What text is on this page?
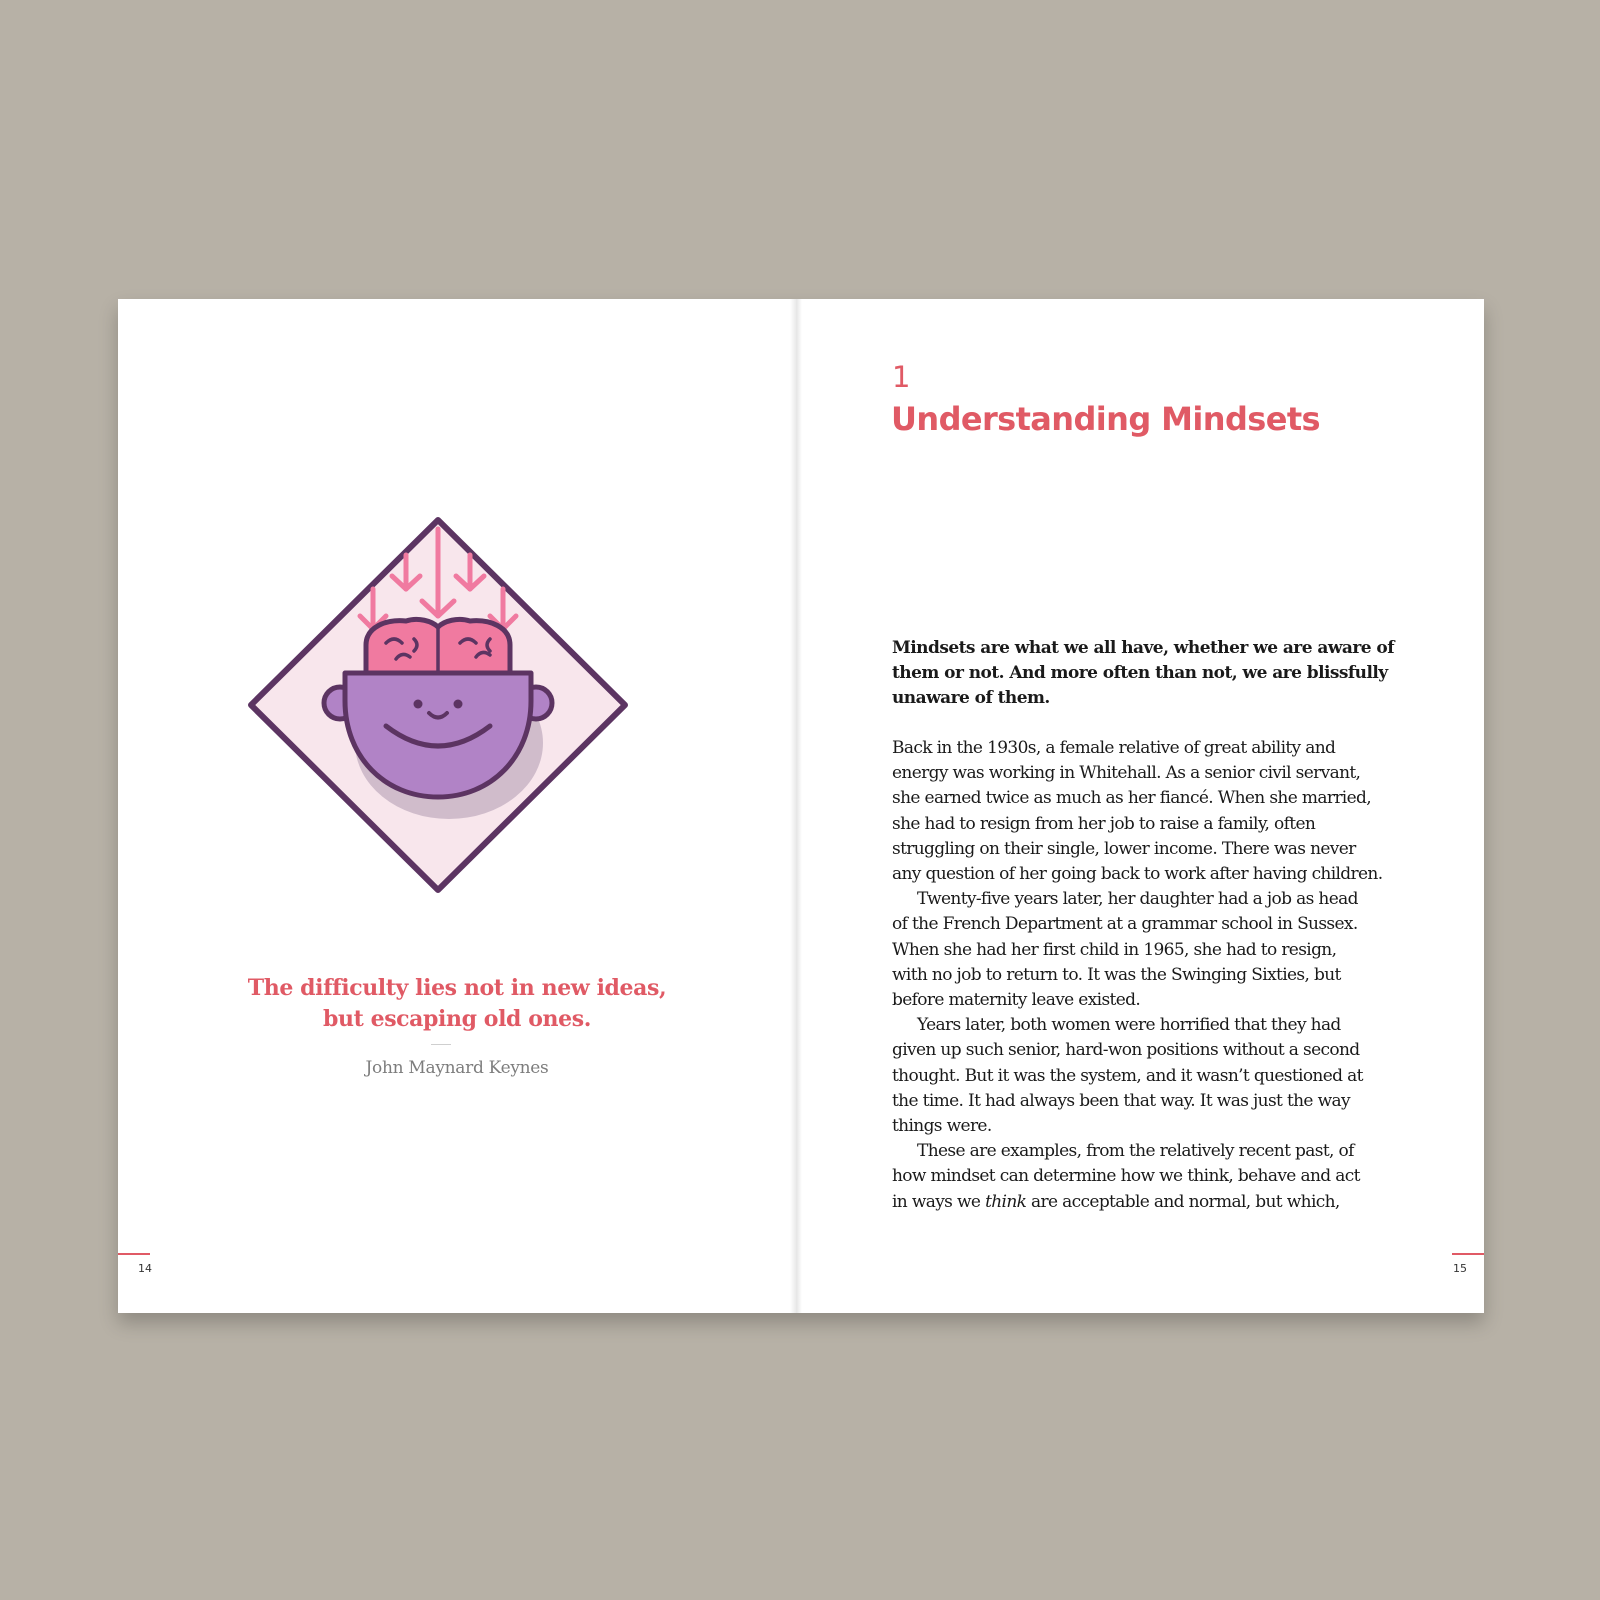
The difficulty lies not in new ideas,
but escaping old ones.
John Maynard Keynes
14
1
Understanding Mindsets
Mindsets are what we all have, whether we are aware of
them or not. And more often than not, we are blissfully
unaware of them.
Back in the 1930s, a female relative of great ability and
energy was working in Whitehall. As a senior civil servant,
she earned twice as much as her fiancé. When she married,
she had to resign from her job to raise a family, often
struggling on their single, lower income. There was never
any question of her going back to work after having children.
Twenty-five years later, her daughter had a job as head
of the French Department at a grammar school in Sussex.
When she had her first child in 1965, she had to resign,
with no job to return to. It was the Swinging Sixties, but
before maternity leave existed.
Years later, both women were horrified that they had
given up such senior, hard-won positions without a second
thought. But it was the system, and it wasn’t questioned at
the time. It had always been that way. It was just the way
things were.
These are examples, from the relatively recent past, of
how mindset can determine how we think, behave and act
in ways we think are acceptable and normal, but which,
15
